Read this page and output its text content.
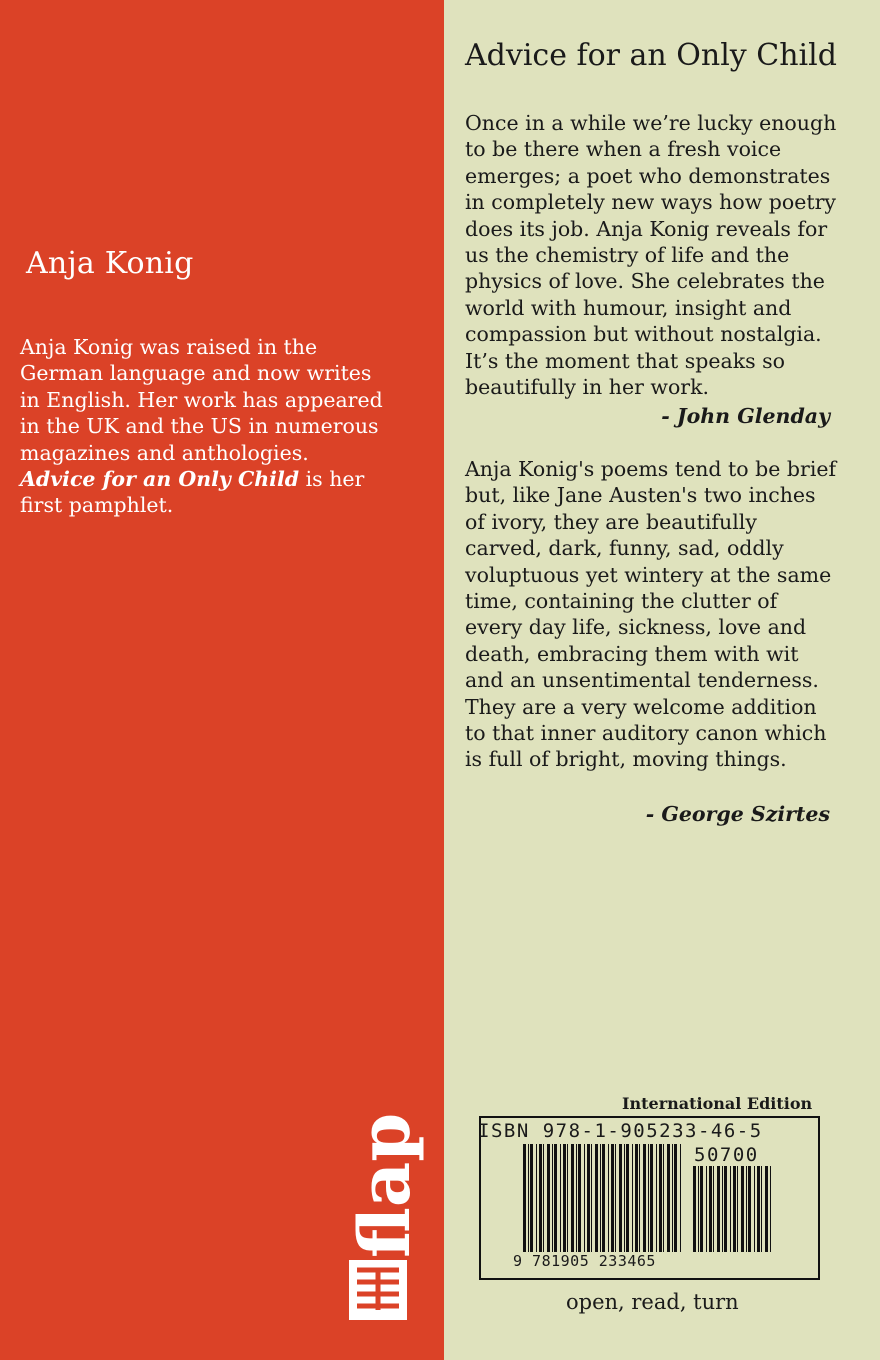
Anja Konig
Anja Konig was raised in the
German language and now writes
in English. Her work has appeared
in the UK and the US in numerous
magazines and anthologies.
Advice for an Only Child is her
first pamphlet.
flap
Advice for an Only Child
Once in a while we’re lucky enough
to be there when a fresh voice
emerges; a poet who demonstrates
in completely new ways how poetry
does its job. Anja Konig reveals for
us the chemistry of life and the
physics of love. She celebrates the
world with humour, insight and
compassion but without nostalgia.
It’s the moment that speaks so
beautifully in her work.
- John Glenday
Anja Konig's poems tend to be brief
but, like Jane Austen's two inches
of ivory, they are beautifully
carved, dark, funny, sad, oddly
voluptuous yet wintery at the same
time, containing the clutter of
every day life, sickness, love and
death, embracing them with wit
and an unsentimental tenderness.
They are a very welcome addition
to that inner auditory canon which
is full of bright, moving things.
- George Szirtes
International Edition
ISBN 978-1-905233-46-5
50700
9 781905 233465
open, read, turn
